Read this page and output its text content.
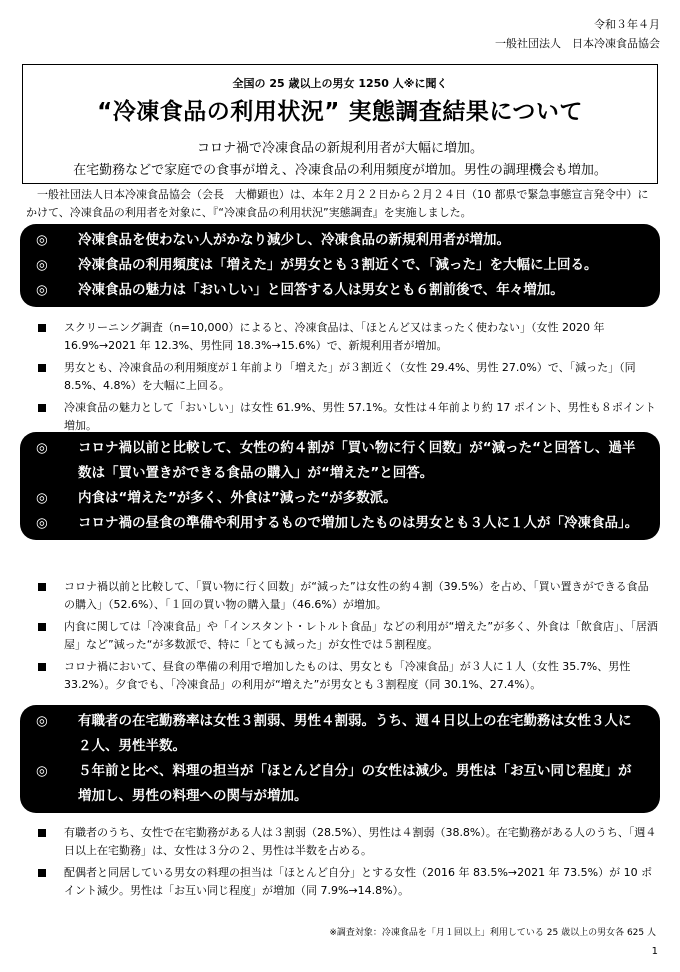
令和３年４月
一般社団法人　日本冷凍食品協会
全国の 25 歳以上の男女 1250 人※に聞く
“冷凍食品の利用状況” 実態調査結果について
コロナ禍で冷凍食品の新規利用者が大幅に増加。
在宅勤務などで家庭での食事が増え、冷凍食品の利用頻度が増加。男性の調理機会も増加。
一般社団法人日本冷凍食品協会（会長　大櫛顕也）は、本年２月２２日から２月２４日（10 都県で緊急事態宣言発令中）にかけて、冷凍食品の利用者を対象に、『“冷凍食品の利用状況”実態調査』を実施しました。
◎	冷凍食品を使わない人がかなり減少し、冷凍食品の新規利用者が増加。
◎	冷凍食品の利用頻度は「増えた」が男女とも３割近くで、「減った」を大幅に上回る。
◎	冷凍食品の魅力は「おいしい」と回答する人は男女とも６割前後で、年々増加。
スクリーニング調査（n=10,000）によると、冷凍食品は、「ほとんど又はまったく使わない」（女性 2020 年 16.9%→2021 年 12.3%、男性同 18.3%→15.6%）で、新規利用者が増加。
男女とも、冷凍食品の利用頻度が１年前より「増えた」が３割近く（女性 29.4%、男性 27.0%）で、「減った」（同 8.5%、4.8%）を大幅に上回る。
冷凍食品の魅力として「おいしい」は女性 61.9%、男性 57.1%。女性は４年前より約 17 ポイント、男性も８ポイント増加。
◎	コロナ禍以前と比較して、女性の約４割が「買い物に行く回数」が“減った“と回答し、過半数は「買い置きができる食品の購入」が“増えた”と回答。
◎	内食は“増えた”が多く、外食は”減った“が多数派。
◎	コロナ禍の昼食の準備や利用するもので増加したものは男女とも３人に１人が「冷凍食品」。
コロナ禍以前と比較して、「買い物に行く回数」が“減った”は女性の約４割（39.5%）を占め、「買い置きができる食品の購入」（52.6%）、「１回の買い物の購入量」（46.6%）が増加。
内食に関しては「冷凍食品」や「インスタント・レトルト食品」などの利用が“増えた”が多く、外食は「飲食店」、「居酒屋」など”減った“が多数派で、特に「とても減った」が女性では５割程度。
コロナ禍において、昼食の準備の利用で増加したものは、男女とも「冷凍食品」が３人に１人（女性 35.7%、男性 33.2%）。夕食でも、「冷凍食品」の利用が“増えた”が男女とも３割程度（同 30.1%、27.4%）。
◎	有職者の在宅勤務率は女性３割弱、男性４割弱。うち、週４日以上の在宅勤務は女性３人に２人、男性半数。
◎	５年前と比べ、料理の担当が「ほとんど自分」の女性は減少。男性は「お互い同じ程度」が増加し、男性の料理への関与が増加。
有職者のうち、女性で在宅勤務がある人は３割弱（28.5%）、男性は４割弱（38.8%）。在宅勤務がある人のうち、「週４日以上在宅勤務」は、女性は３分の２、男性は半数を占める。
配偶者と同居している男女の料理の担当は「ほとんど自分」とする女性（2016 年 83.5%→2021 年 73.5%）が 10 ポイント減少。男性は「お互い同じ程度」が増加（同 7.9%→14.8%）。
※調査対象：冷凍食品を「月１回以上」利用している 25 歳以上の男女各 625 人
1
